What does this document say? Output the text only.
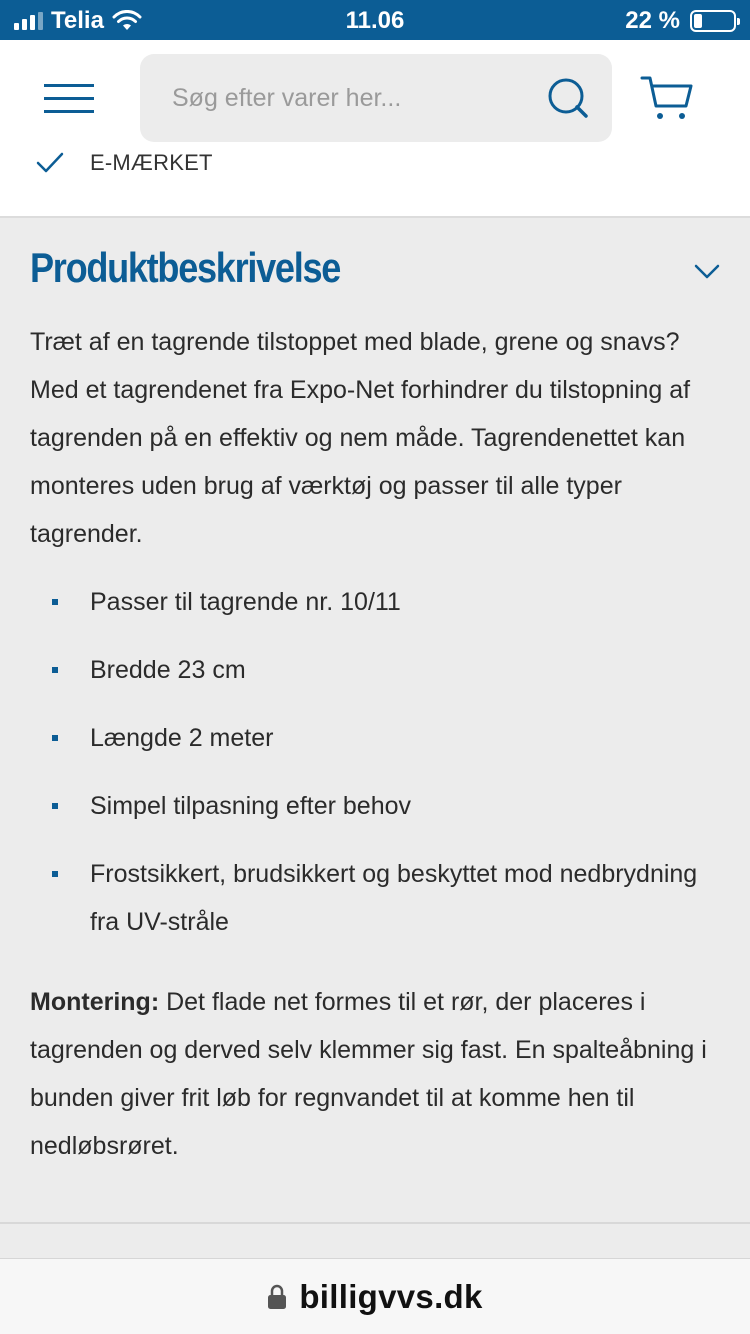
Telia	11.06	22 %
Søg efter varer her...
E-MÆRKET
Produktbeskrivelse

Træt af en tagrende tilstoppet med blade, grene og snavs? Med et tagrendenet fra Expo-Net forhindrer du tilstopning af tagrenden på en effektiv og nem måde. Tagrendenettet kan monteres uden brug af værktøj og passer til alle typer tagrender.

Passer til tagrende nr. 10/11
Bredde 23 cm
Længde 2 meter
Simpel tilpasning efter behov
Frostsikkert, brudsikkert og beskyttet mod nedbrydning fra UV-stråle

Montering: Det flade net formes til et rør, der placeres i tagrenden og derved selv klemmer sig fast. En spalteåbning i bunden giver frit løb for regnvandet til at komme hen til nedløbsrøret.

billigvvs.dk
